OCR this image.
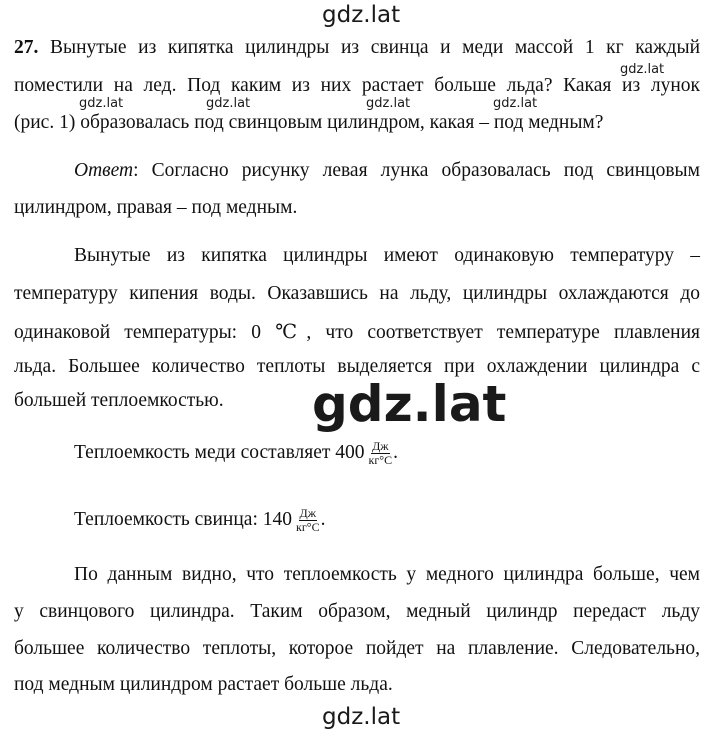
gdz.lat
gdz.lat
gdz.lat	gdz.lat	gdz.lat	gdz.lat
27. Вынутые из кипятка цилиндры из свинца и меди массой 1 кг каждый
поместили на лед. Под каким из них растает больше льда? Какая из лунок
(рис. 1) образовалась под свинцовым цилиндром, какая – под медным?
Ответ: Согласно рисунку левая лунка образовалась под свинцовым
цилиндром, правая – под медным.
Вынутые из кипятка цилиндры имеют одинаковую температуру –
температуру кипения воды. Оказавшись на льду, цилиндры охлаждаются до
одинаковой температуры: 0 ℃, что соответствует температуре плавления
льда. Большее количество теплоты выделяется при охлаждении цилиндра с
большей теплоемкостью.	gdz.lat
Теплоемкость меди составляет $400 \frac{Дж}{кг^\circ С}$ .
Теплоемкость свинца: $140 \frac{Дж}{кг^\circ С}$ .
По данным видно, что теплоемкость у медного цилиндра больше, чем
у свинцового цилиндра. Таким образом, медный цилиндр передаст льду
большее количество теплоты, которое пойдет на плавление. Следовательно,
под медным цилиндром растает больше льда.
gdz.lat
